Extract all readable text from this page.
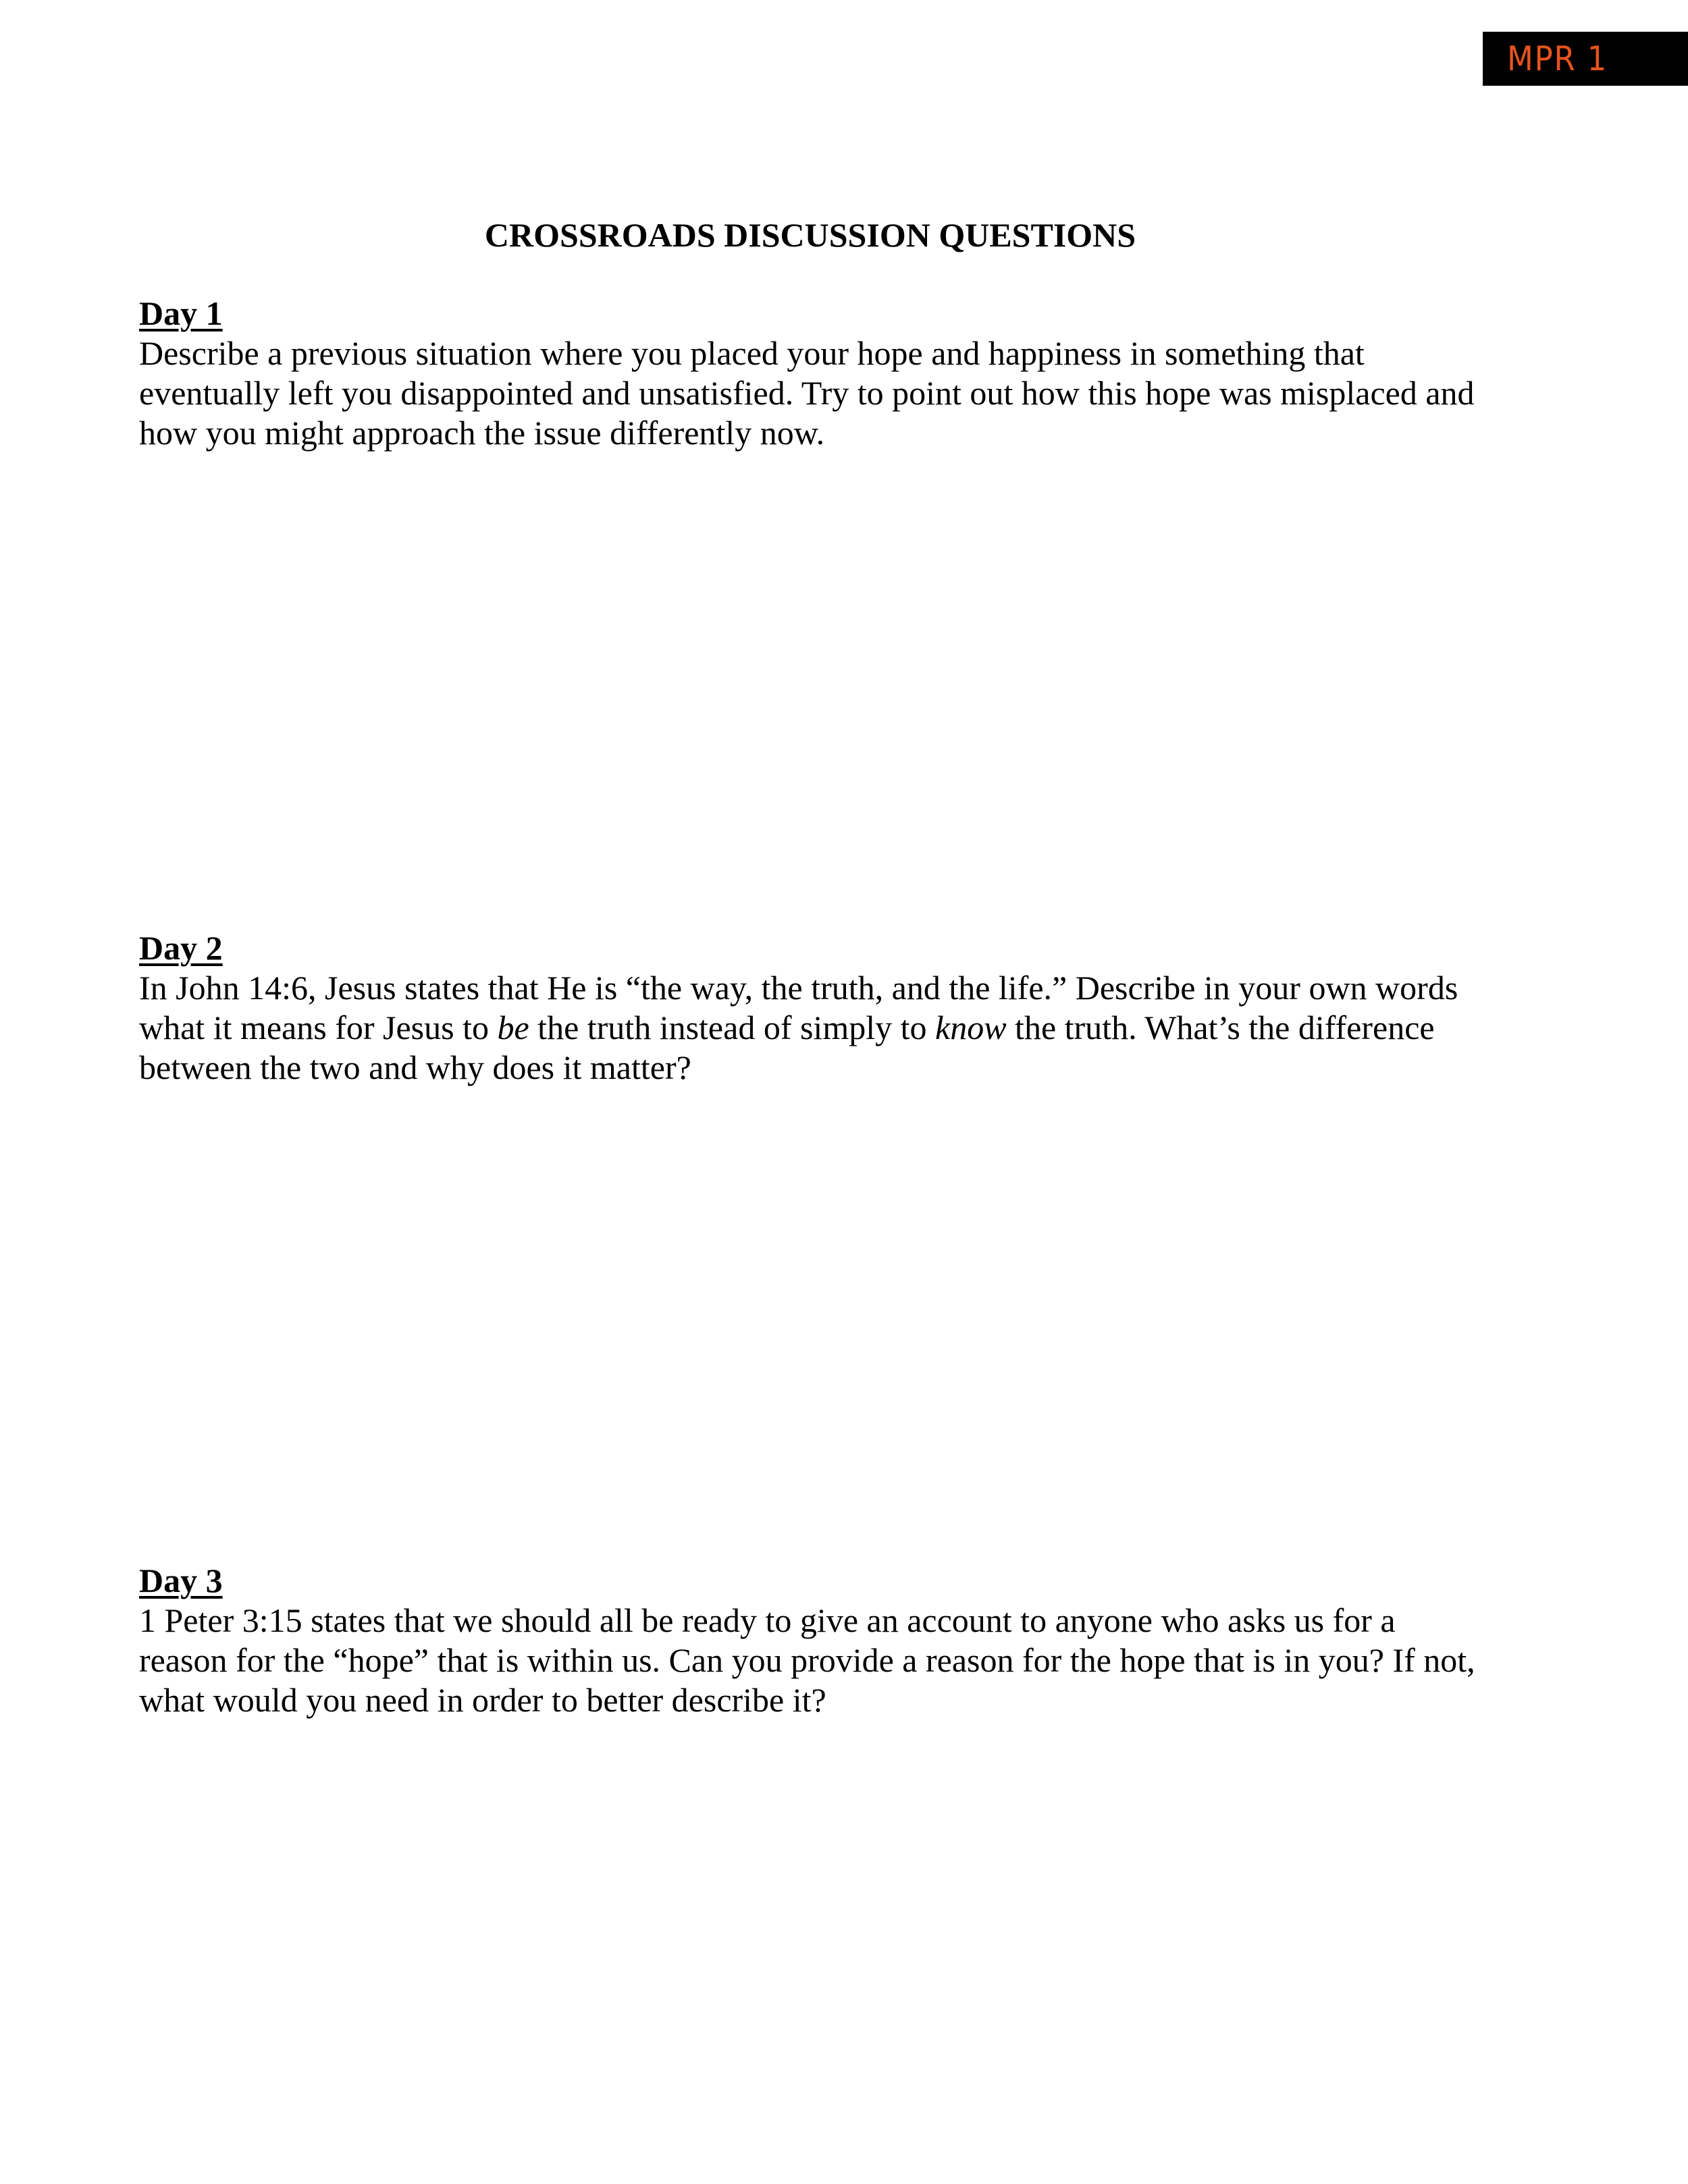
MPR 1
CROSSROADS DISCUSSION QUESTIONS

Day 1

Describe a previous situation where you placed your hope and happiness in something that eventually left you disappointed and unsatisfied. Try to point out how this hope was misplaced and how you might approach the issue differently now.

Day 2

In John 14:6, Jesus states that He is “the way, the truth, and the life.” Describe in your own words what it means for Jesus to be the truth instead of simply to know the truth. What’s the difference between the two and why does it matter?

Day 3

1 Peter 3:15 states that we should all be ready to give an account to anyone who asks us for a reason for the “hope” that is within us. Can you provide a reason for the hope that is in you? If not, what would you need in order to better describe it?
